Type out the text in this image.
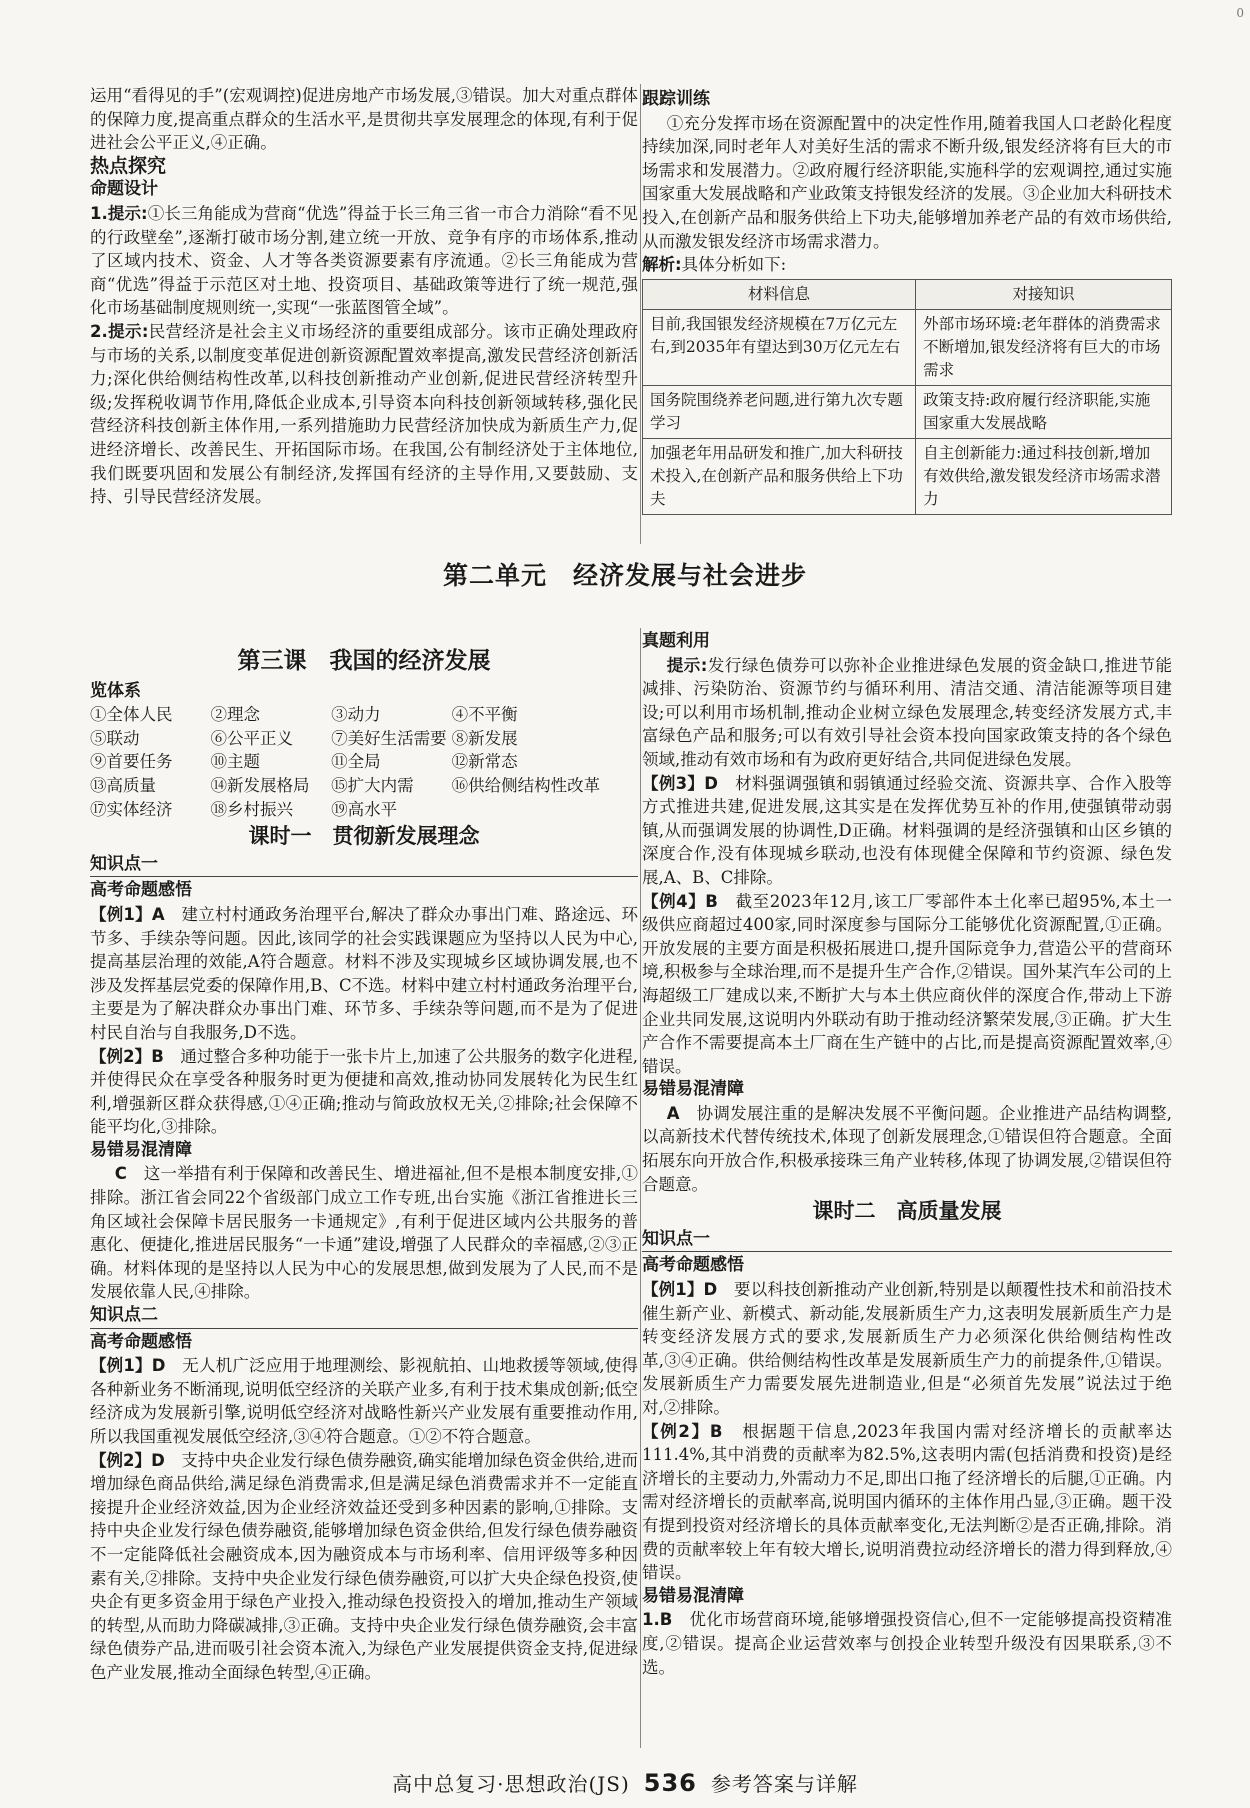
0

运用“看得见的手”(宏观调控)促进房地产市场发展,③错误。加大对重点群体的保障力度,提高重点群众的生活水平,是贯彻共享发展理念的体现,有利于促进社会公平正义,④正确。

热点探究

命题设计

1.提示:①长三角能成为营商“优选”得益于长三角三省一市合力消除“看不见的行政壁垒”,逐渐打破市场分割,建立统一开放、竞争有序的市场体系,推动了区域内技术、资金、人才等各类资源要素有序流通。②长三角能成为营商“优选”得益于示范区对土地、投资项目、基础政策等进行了统一规范,强化市场基础制度规则统一,实现“一张蓝图管全域”。

2.提示:民营经济是社会主义市场经济的重要组成部分。该市正确处理政府与市场的关系,以制度变革促进创新资源配置效率提高,激发民营经济创新活力;深化供给侧结构性改革,以科技创新推动产业创新,促进民营经济转型升级;发挥税收调节作用,降低企业成本,引导资本向科技创新领域转移,强化民营经济科技创新主体作用,一系列措施助力民营经济加快成为新质生产力,促进经济增长、改善民生、开拓国际市场。在我国,公有制经济处于主体地位,我们既要巩固和发展公有制经济,发挥国有经济的主导作用,又要鼓励、支持、引导民营经济发展。

跟踪训练

①充分发挥市场在资源配置中的决定性作用,随着我国人口老龄化程度持续加深,同时老年人对美好生活的需求不断升级,银发经济将有巨大的市场需求和发展潜力。②政府履行经济职能,实施科学的宏观调控,通过实施国家重大发展战略和产业政策支持银发经济的发展。③企业加大科研技术投入,在创新产品和服务供给上下功夫,能够增加养老产品的有效市场供给,从而激发银发经济市场需求潜力。

解析:具体分析如下:

材料信息	对接知识
目前,我国银发经济规模在7万亿元左右,到2035年有望达到30万亿元左右	外部市场环境:老年群体的消费需求不断增加,银发经济将有巨大的市场需求
国务院围绕养老问题,进行第九次专题学习	政策支持:政府履行经济职能,实施国家重大发展战略
加强老年用品研发和推广,加大科研技术投入,在创新产品和服务供给上下功夫	自主创新能力:通过科技创新,增加有效供给,激发银发经济市场需求潜力
第二单元　经济发展与社会进步

第三课　我国的经济发展

览体系

①全体人民	②理念	③动力	④不平衡
⑤联动	⑥公平正义	⑦美好生活需要 ⑧新发展
⑨首要任务	⑩主题	⑪全局	⑫新常态
⑬高质量	⑭新发展格局	⑮扩大内需	⑯供给侧结构性改革
⑰实体经济	⑱乡村振兴	⑲高水平

课时一　贯彻新发展理念

知识点一

高考命题感悟

【例1】A　 建立村村通政务治理平台,解决了群众办事出门难、路途远、环节多、手续杂等问题。因此,该同学的社会实践课题应为坚持以人民为中心,提高基层治理的效能,A符合题意。材料不涉及实现城乡区域协调发展,也不涉及发挥基层党委的保障作用,B、C不选。材料中建立村村通政务治理平台,主要是为了解决群众办事出门难、环节多、手续杂等问题,而不是为了促进村民自治与自我服务,D不选。

【例2】B　 通过整合多种功能于一张卡片上,加速了公共服务的数字化进程,并使得民众在享受各种服务时更为便捷和高效,推动协同发展转化为民生红利,增强新区群众获得感,①④正确;推动与简政放权无关,②排除;社会保障不能平均化,③排除。

易错易混清障

C　 这一举措有利于保障和改善民生、增进福祉,但不是根本制度安排,①排除。浙江省会同22个省级部门成立工作专班,出台实施《浙江省推进长三角区域社会保障卡居民服务一卡通规定》,有利于促进区域内公共服务的普惠化、便捷化,推进居民服务“一卡通”建设,增强了人民群众的幸福感,②③正确。材料体现的是坚持以人民为中心的发展思想,做到发展为了人民,而不是发展依靠人民,④排除。

知识点二

高考命题感悟

【例1】D　 无人机广泛应用于地理测绘、影视航拍、山地救援等领域,使得各种新业务不断涌现,说明低空经济的关联产业多,有利于技术集成创新;低空经济成为发展新引擎,说明低空经济对战略性新兴产业发展有重要推动作用,所以我国重视发展低空经济,③④符合题意。①②不符合题意。

【例2】D　 支持中央企业发行绿色债券融资,确实能增加绿色资金供给,进而增加绿色商品供给,满足绿色消费需求,但是满足绿色消费需求并不一定能直接提升企业经济效益,因为企业经济效益还受到多种因素的影响,①排除。支持中央企业发行绿色债券融资,能够增加绿色资金供给,但发行绿色债券融资不一定能降低社会融资成本,因为融资成本与市场利率、信用评级等多种因素有关,②排除。支持中央企业发行绿色债券融资,可以扩大央企绿色投资,使央企有更多资金用于绿色产业投入,推动绿色投资投入的增加,推动生产领域的转型,从而助力降碳减排,③正确。支持中央企业发行绿色债券融资,会丰富绿色债券产品,进而吸引社会资本流入,为绿色产业发展提供资金支持,促进绿色产业发展,推动全面绿色转型,④正确。

真题利用

提示:发行绿色债券可以弥补企业推进绿色发展的资金缺口,推进节能减排、污染防治、资源节约与循环利用、清洁交通、清洁能源等项目建设;可以利用市场机制,推动企业树立绿色发展理念,转变经济发展方式,丰富绿色产品和服务;可以有效引导社会资本投向国家政策支持的各个绿色领域,推动有效市场和有为政府更好结合,共同促进绿色发展。

【例3】D　 材料强调强镇和弱镇通过经验交流、资源共享、合作入股等方式推进共建,促进发展,这其实是在发挥优势互补的作用,使强镇带动弱镇,从而强调发展的协调性,D正确。材料强调的是经济强镇和山区乡镇的深度合作,没有体现城乡联动,也没有体现健全保障和节约资源、绿色发展,A、B、C排除。

【例4】B　 截至2023年12月,该工厂零部件本土化率已超95%,本土一级供应商超过400家,同时深度参与国际分工能够优化资源配置,①正确。开放发展的主要方面是积极拓展进口,提升国际竞争力,营造公平的营商环境,积极参与全球治理,而不是提升生产合作,②错误。国外某汽车公司的上海超级工厂建成以来,不断扩大与本土供应商伙伴的深度合作,带动上下游企业共同发展,这说明内外联动有助于推动经济繁荣发展,③正确。扩大生产合作不需要提高本土厂商在生产链中的占比,而是提高资源配置效率,④错误。

易错易混清障

A　 协调发展注重的是解决发展不平衡问题。企业推进产品结构调整,以高新技术代替传统技术,体现了创新发展理念,①错误但符合题意。全面拓展东向开放合作,积极承接珠三角产业转移,体现了协调发展,②错误但符合题意。

课时二　高质量发展

知识点一

高考命题感悟

【例1】D　 要以科技创新推动产业创新,特别是以颠覆性技术和前沿技术催生新产业、新模式、新动能,发展新质生产力,这表明发展新质生产力是转变经济发展方式的要求,发展新质生产力必须深化供给侧结构性改革,③④正确。供给侧结构性改革是发展新质生产力的前提条件,①错误。发展新质生产力需要发展先进制造业,但是“必须首先发展”说法过于绝对,②排除。

【例2】B　 根据题干信息,2023年我国内需对经济增长的贡献率达111.4%,其中消费的贡献率为82.5%,这表明内需(包括消费和投资)是经济增长的主要动力,外需动力不足,即出口拖了经济增长的后腿,①正确。内需对经济增长的贡献率高,说明国内循环的主体作用凸显,③正确。题干没有提到投资对经济增长的具体贡献率变化,无法判断②是否正确,排除。消费的贡献率较上年有较大增长,说明消费拉动经济增长的潜力得到释放,④错误。

易错易混清障

1.B　 优化市场营商环境,能够增强投资信心,但不一定能够提高投资精准度,②错误。提高企业运营效率与创投企业转型升级没有因果联系,③不选。

高中总复习·思想政治(JS) 536 参考答案与详解
